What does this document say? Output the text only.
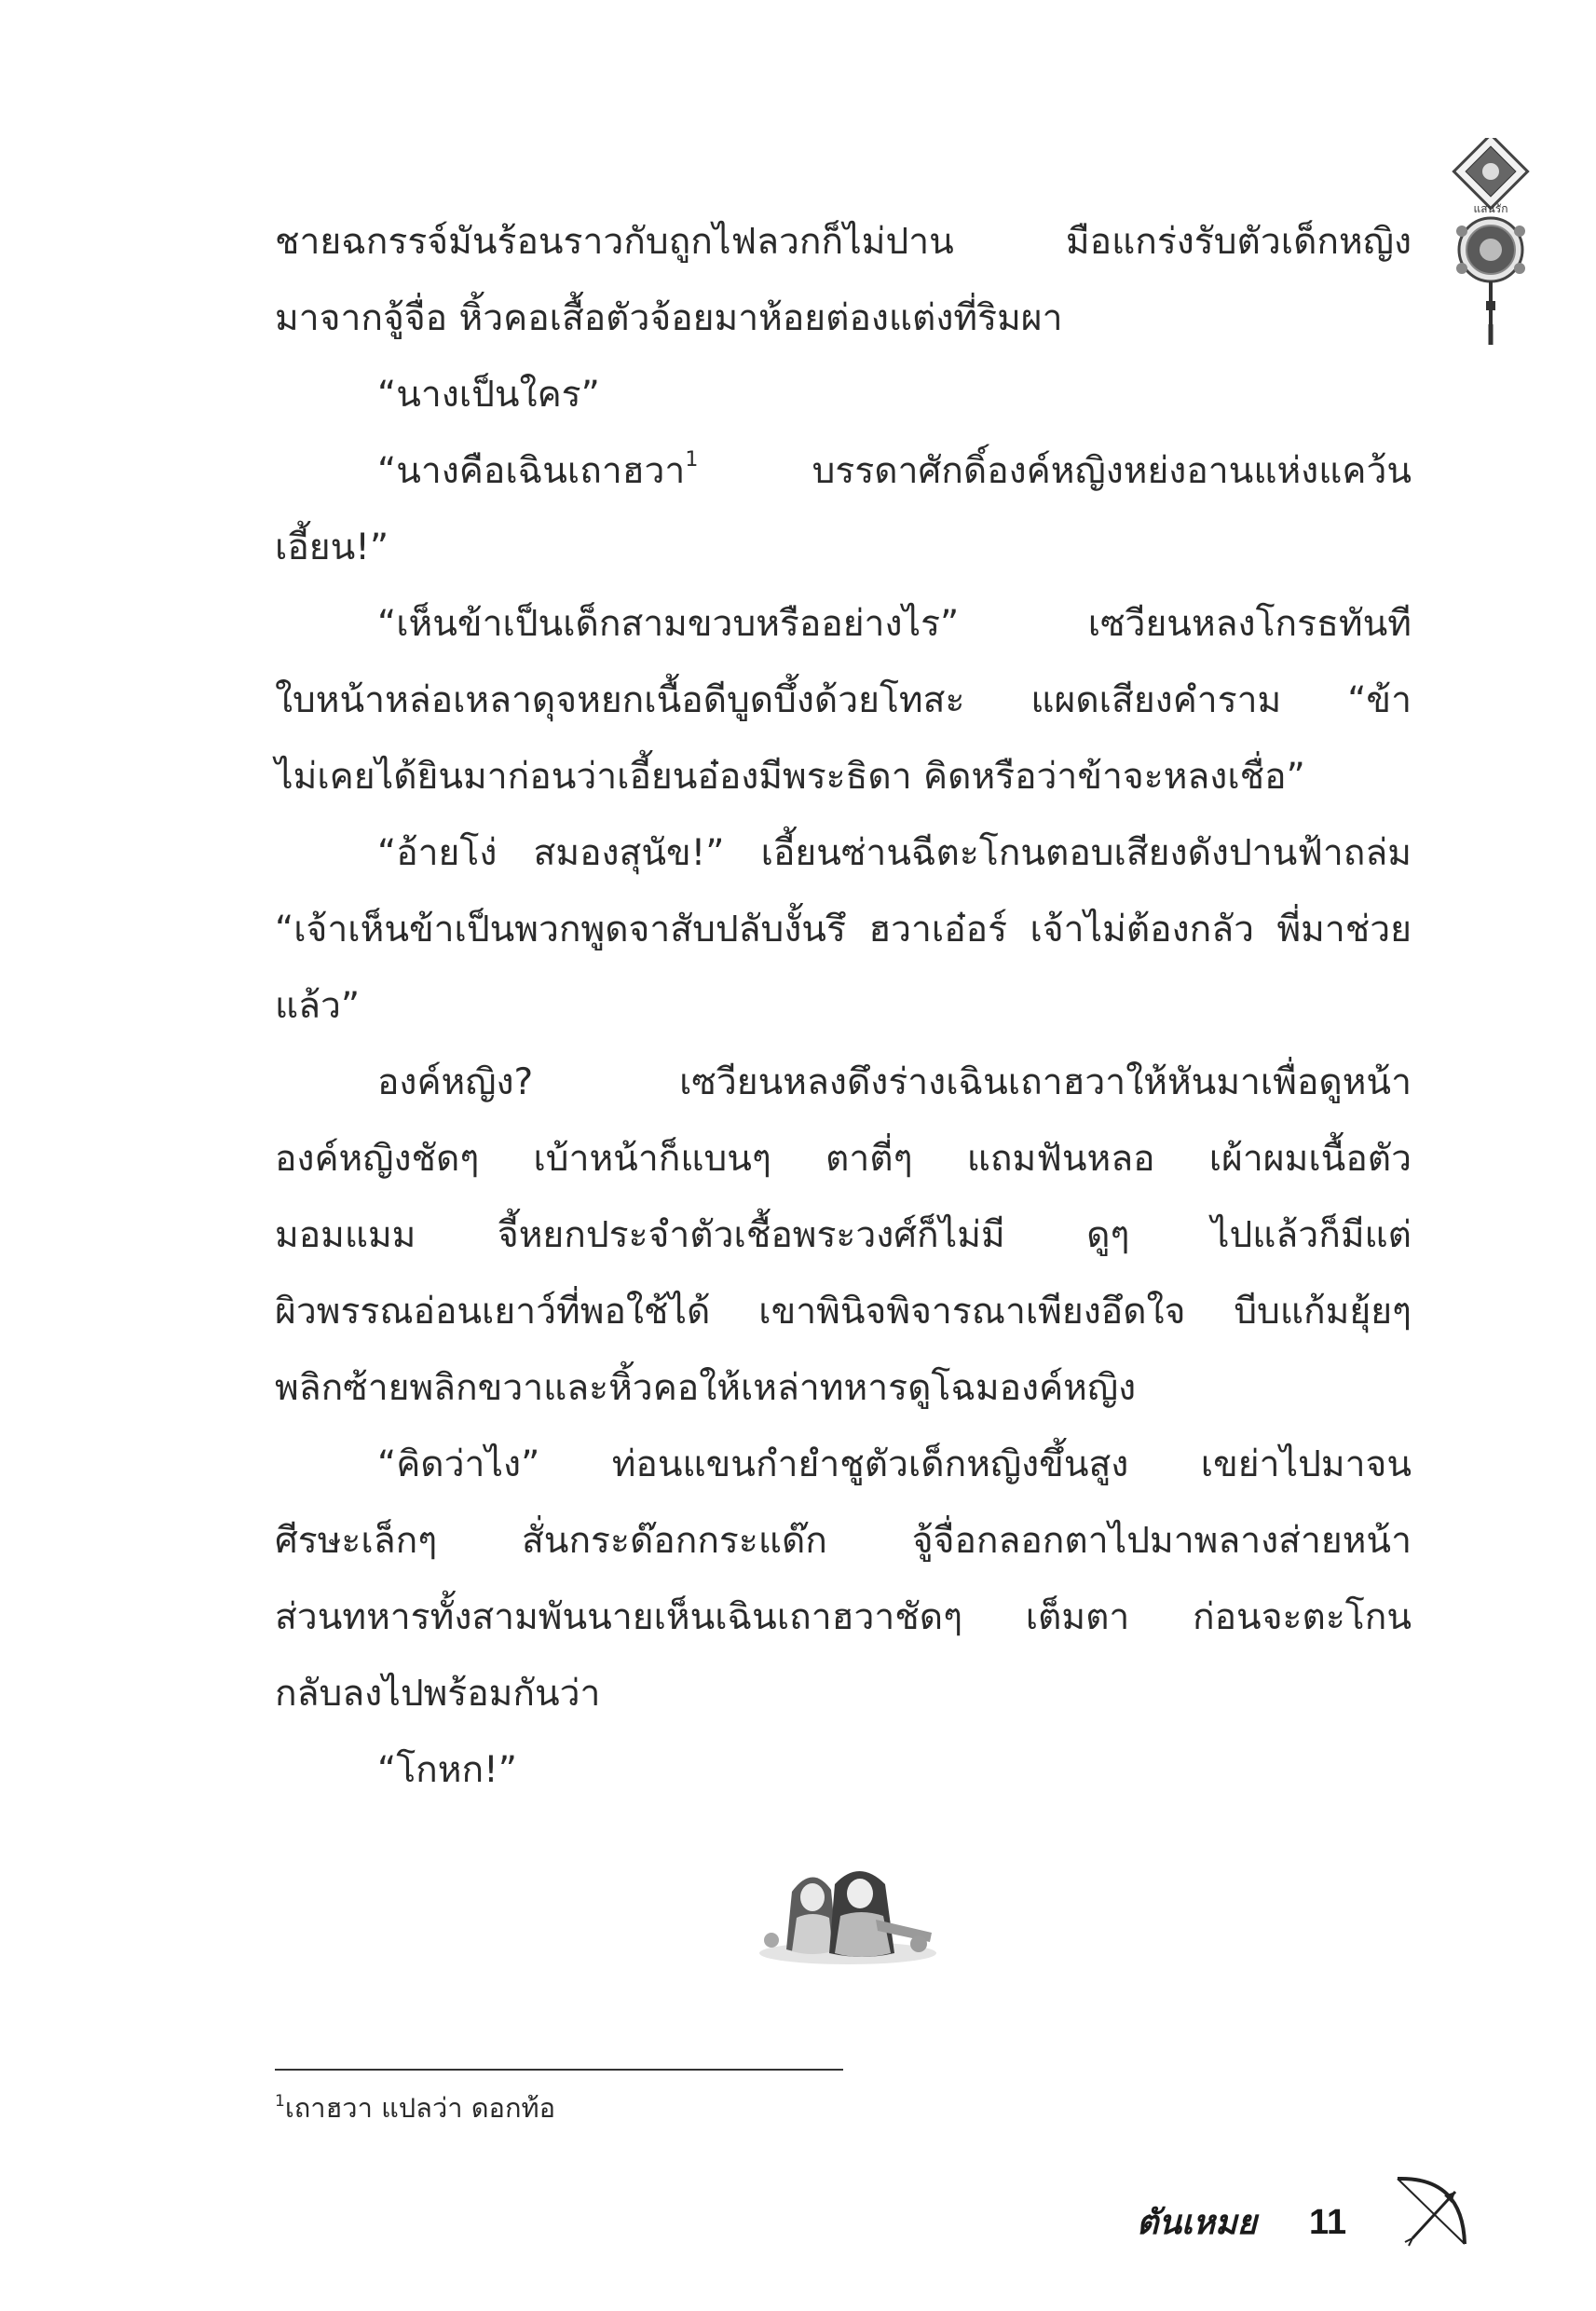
แสนรัก
ชายฉกรรจ์มันร้อนราวกับถูกไฟลวกก็ไม่ปาน มือแกร่งรับตัวเด็กหญิง
มาจากจู้จื่อ หิ้วคอเสื้อตัวจ้อยมาห้อยต่องแต่งที่ริมผา
“นางเป็นใคร”
“นางคือเฉินเถาฮวา$^1$ บรรดาศักดิ์องค์หญิงหย่งอานแห่งแคว้น
เอี้ยน!”
“เห็นข้าเป็นเด็กสามขวบหรืออย่างไร” เซวียนหลงโกรธทันที
ใบหน้าหล่อเหลาดุจหยกเนื้อดีบูดบึ้งด้วยโทสะ แผดเสียงคำราม “ข้า
ไม่เคยได้ยินมาก่อนว่าเอี้ยนอ๋องมีพระธิดา คิดหรือว่าข้าจะหลงเชื่อ”
“อ้ายโง่ สมองสุนัข!” เอี้ยนซ่านฉีตะโกนตอบเสียงดังปานฟ้าถล่ม
“เจ้าเห็นข้าเป็นพวกพูดจาสับปลับงั้นรึ ฮวาเอ๋อร์ เจ้าไม่ต้องกลัว พี่มาช่วย
แล้ว”
องค์หญิง? เซวียนหลงดึงร่างเฉินเถาฮวาให้หันมาเพื่อดูหน้า
องค์หญิงชัดๆ เบ้าหน้าก็แบนๆ ตาตี่ๆ แถมฟันหลอ เผ้าผมเนื้อตัว
มอมแมม จี้หยกประจำตัวเชื้อพระวงศ์ก็ไม่มี ดูๆ ไปแล้วก็มีแต่
ผิวพรรณอ่อนเยาว์ที่พอใช้ได้ เขาพินิจพิจารณาเพียงอึดใจ บีบแก้มยุ้ยๆ
พลิกซ้ายพลิกขวาและหิ้วคอให้เหล่าทหารดูโฉมองค์หญิง
“คิดว่าไง” ท่อนแขนกำยำชูตัวเด็กหญิงขึ้นสูง เขย่าไปมาจน
ศีรษะเล็กๆ สั่นกระด๊อกกระแด๊ก จู้จื่อกลอกตาไปมาพลางส่ายหน้า
ส่วนทหารทั้งสามพันนายเห็นเฉินเถาฮวาชัดๆ เต็มตา ก่อนจะตะโกน
กลับลงไปพร้อมกันว่า
“โกหก!”
$^1$เถาฮวา แปลว่า ดอกท้อ
ตันเหมย 11
